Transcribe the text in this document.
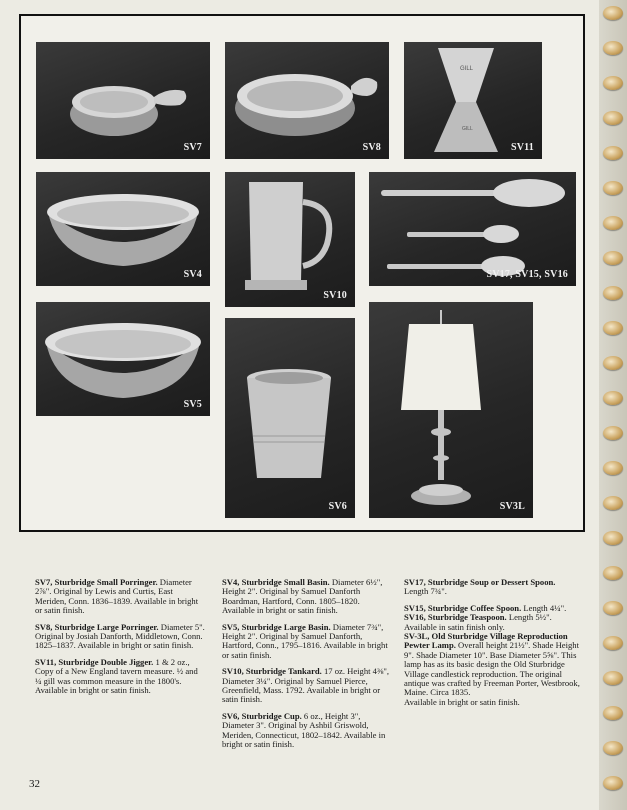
SV7	SV8
GILL
GILL
SV11
SV4
SV10
SV17, SV15, SV16
SV5
SV6	SV3L

SV7, Sturbridge Small Porringer. Diameter 2⅞". Original by Lewis and Curtis, East Meriden, Conn. 1836–1839. Available in bright or satin finish.

SV8, Sturbridge Large Porringer. Diameter 5". Original by Josiah Danforth, Middletown, Conn. 1825–1837. Available in bright or satin finish.

SV11, Sturbridge Double Jigger. 1 & 2 oz., Copy of a New England tavern measure. ½ and ¼ gill was common measure in the 1800's. Available in bright or satin finish.

SV4, Sturbridge Small Basin. Diameter 6½", Height 2". Original by Samuel Danforth Boardman, Hartford, Conn. 1805–1820. Available in bright or satin finish.

SV5, Sturbridge Large Basin. Diameter 7¾", Height 2". Original by Samuel Danforth, Hartford, Conn., 1795–1816. Available in bright or satin finish.

SV10, Sturbridge Tankard. 17 oz. Height 4⅜", Diameter 3¼". Original by Samuel Pierce, Greenfield, Mass. 1792. Available in bright or satin finish.

SV6, Sturbridge Cup. 6 oz., Height 3", Diameter 3". Original by Ashbil Griswold, Meriden, Connecticut, 1802–1842. Available in bright or satin finish.

SV17, Sturbridge Soup or Dessert Spoon. Length 7¾".

SV15, Sturbridge Coffee Spoon. Length 4¼".
SV16, Sturbridge Teaspoon. Length 5½".
Available in satin finish only.

SV-3L, Old Sturbridge Village Reproduction Pewter Lamp. Overall height 21½". Shade Height 9". Shade Diameter 10". Base Diameter 5⅝". This lamp has as its basic design the Old Sturbridge Village candlestick reproduction. The original antique was crafted by Freeman Porter, Westbrook, Maine. Circa 1835.

Available in bright or satin finish.

32
